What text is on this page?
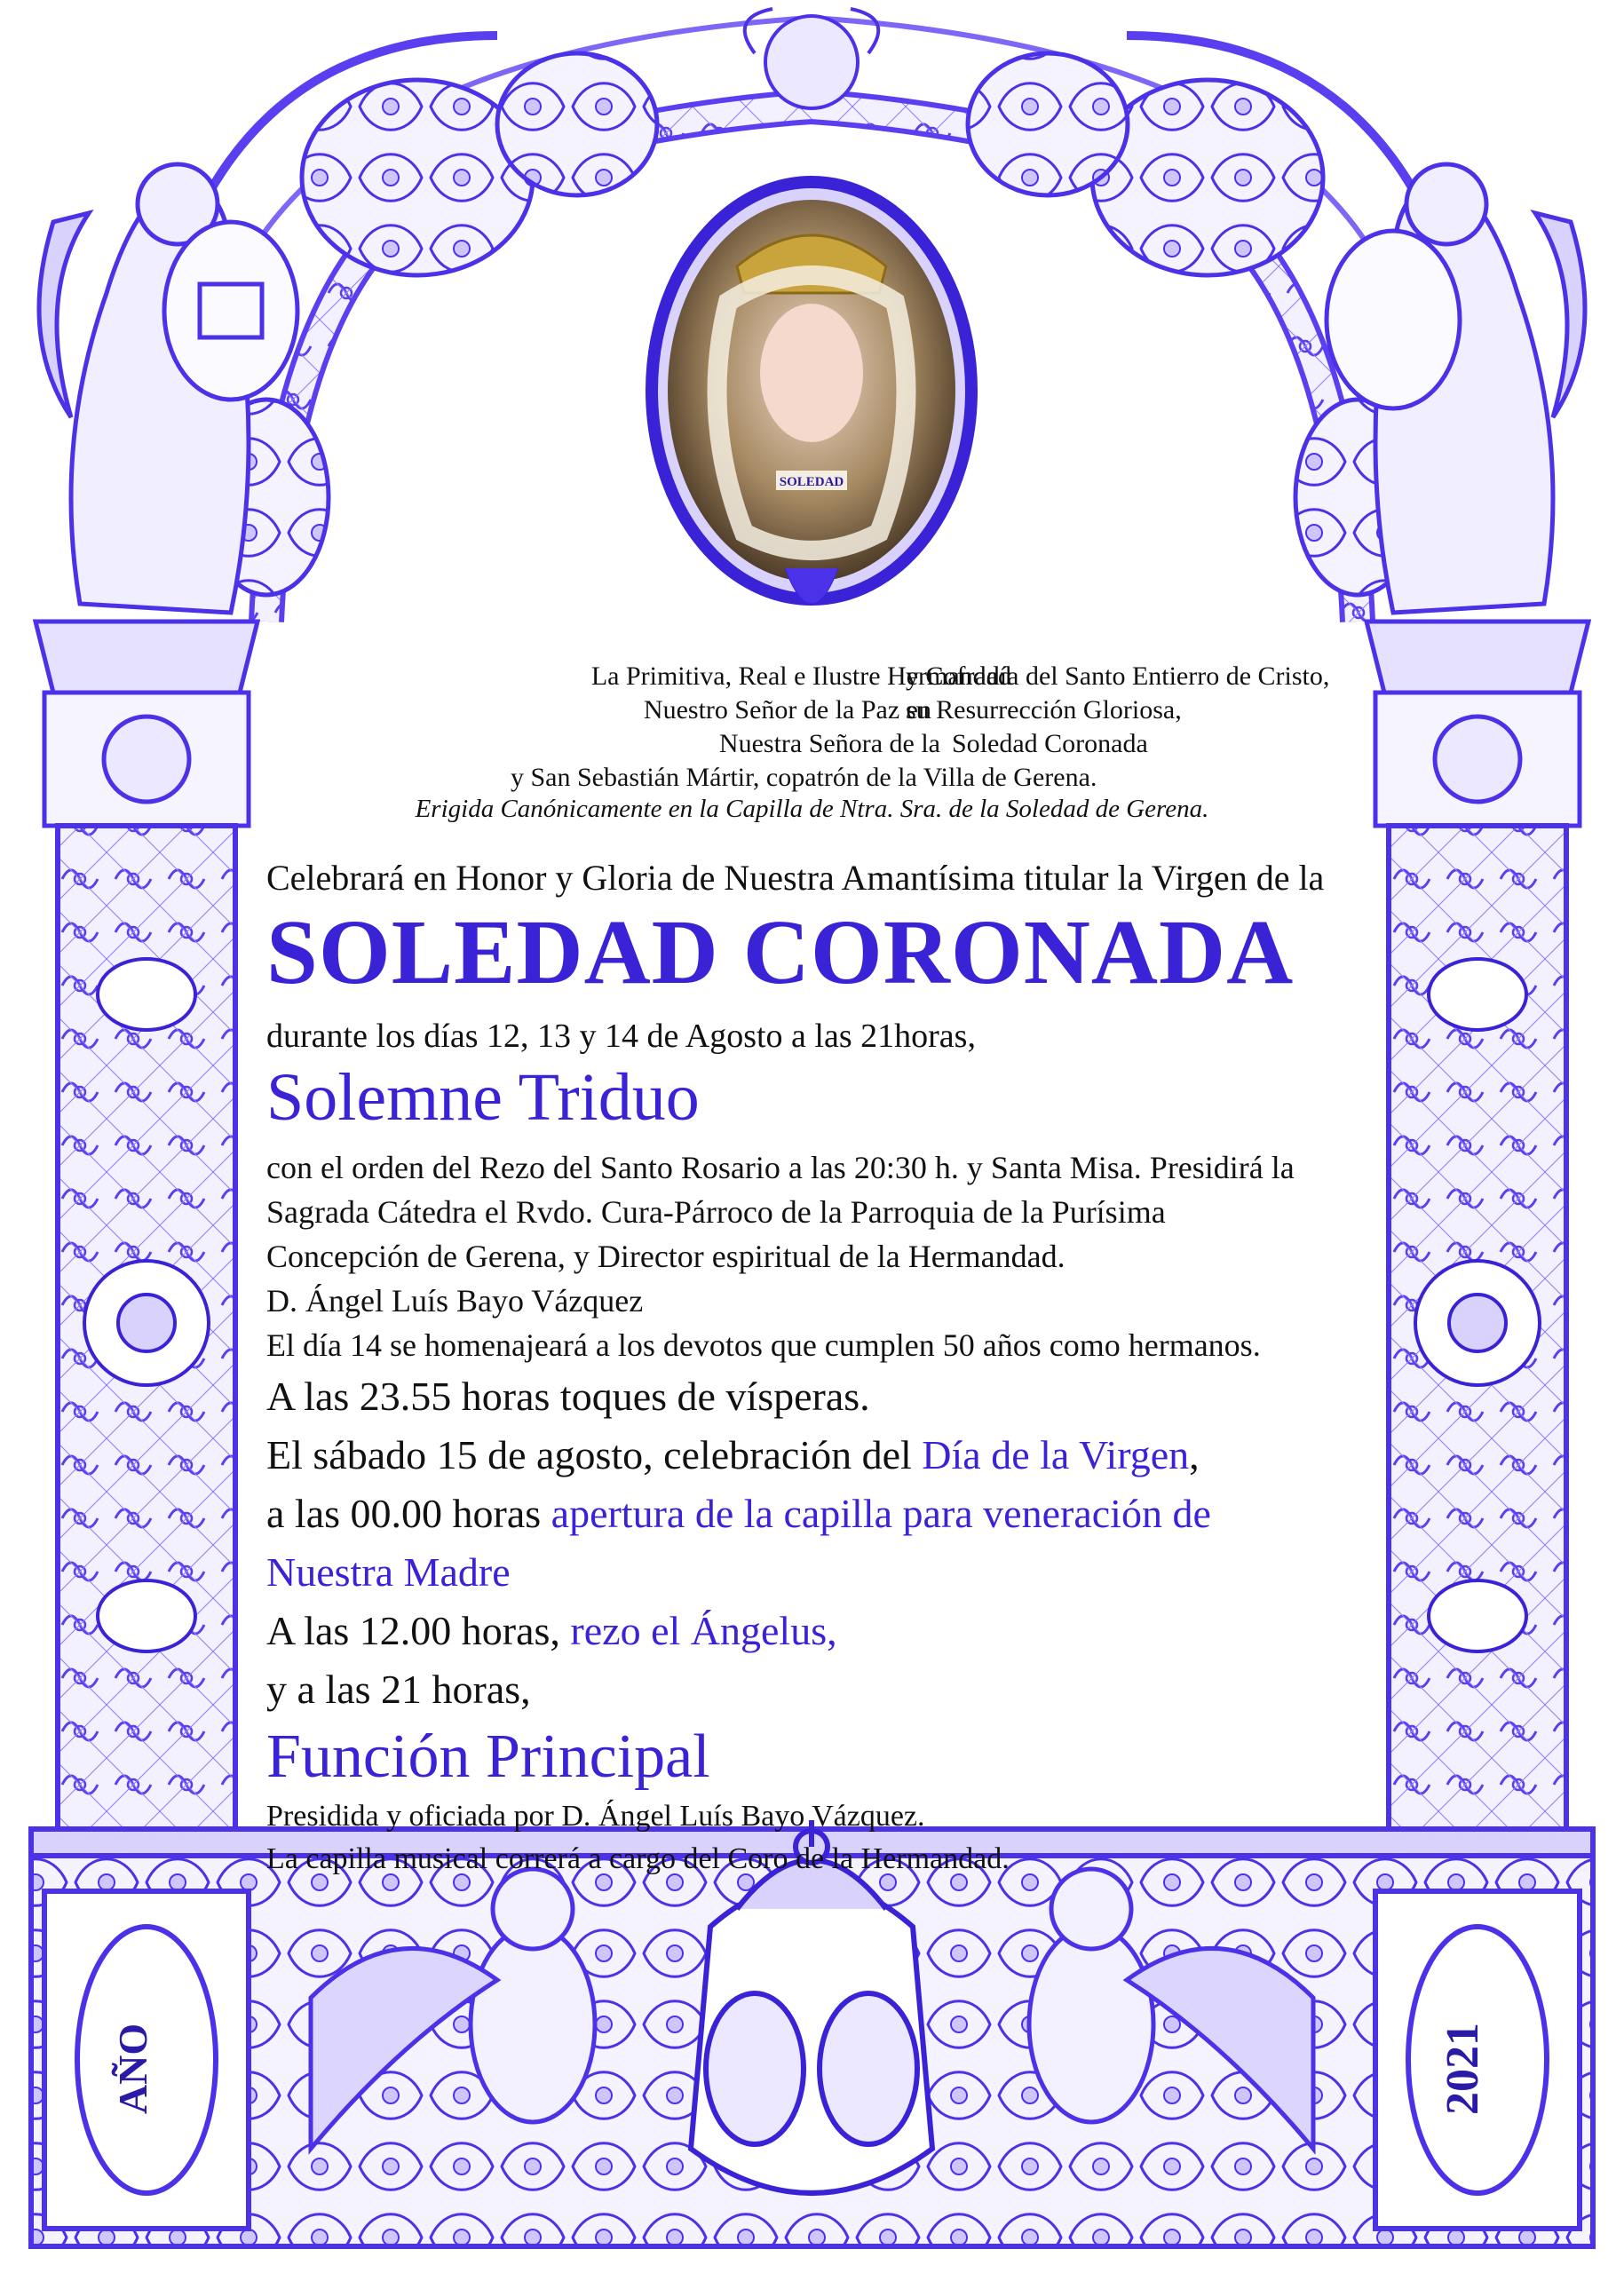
SOLEDAD
AÑO	2021
La Primitiva, Real e Ilustre Hermandad
y Cofradía del Santo Entierro de Cristo,
Nuestro Señor de la Paz en
su Resurrección Gloriosa,
Nuestra Señora de la Soledad Coronada
y San Sebastián Mártir, copatrón de la Villa de Gerena.
Erigida Canónicamente en la Capilla de Ntra. Sra. de la Soledad de Gerena.
Celebrará en Honor y Gloria de Nuestra Amantísima titular la Virgen de la
SOLEDAD CORONADA
durante los días 12, 13 y 14 de Agosto a las 21horas,
Solemne Triduo
con el orden del Rezo del Santo Rosario a las 20:30 h. y Santa Misa. Presidirá la
Sagrada Cátedra el Rvdo. Cura-Párroco de la Parroquia de la Purísima
Concepción de Gerena, y Director espiritual de la Hermandad.
D. Ángel Luís Bayo Vázquez
El día 14 se homenajeará a los devotos que cumplen 50 años como hermanos.
A las 23.55 horas toques de vísperas.
El sábado 15 de agosto, celebración del Día de la Virgen,
a las 00.00 horas apertura de la capilla para veneración de
Nuestra Madre
A las 12.00 horas, rezo el Ángelus,
y a las 21 horas,
Función Principal
Presidida y oficiada por D. Ángel Luís Bayo Vázquez.
La capilla musical correrá a cargo del Coro de la Hermandad.
